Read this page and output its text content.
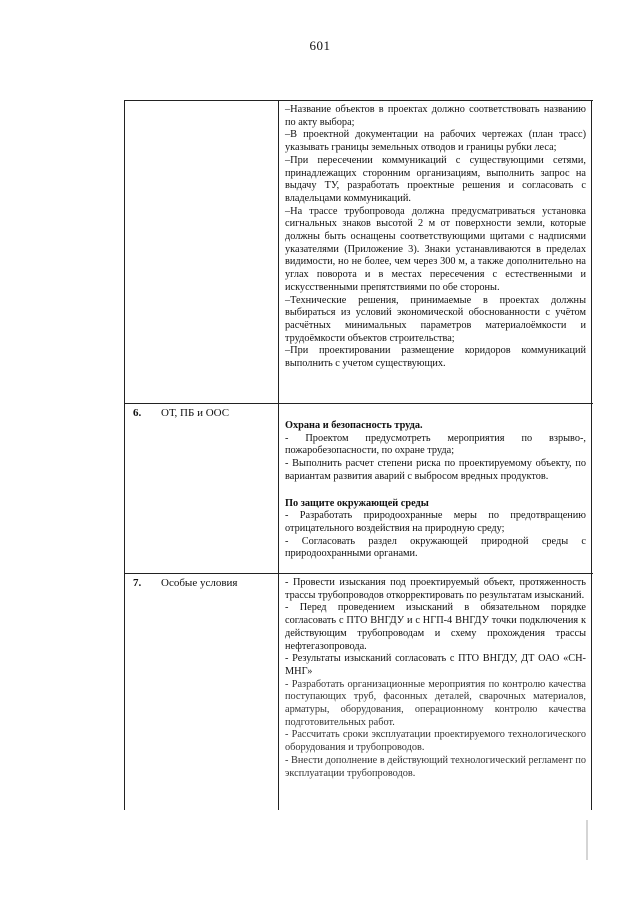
601

–Название объектов в проектах должно соответствовать названию по акту выбора;

–В проектной документации на рабочих чертежах (план трасс) указывать границы земельных отводов и границы рубки леса;

–При пересечении коммуникаций с существующими сетями, принадлежащих сторонним организациям, выполнить запрос на выдачу ТУ, разработать проектные решения и согласовать с владельцами коммуникаций.

–На трассе трубопровода должна предусматриваться установка сигнальных знаков высотой 2 м от поверхности земли, которые должны быть оснащены соответствующими щитами с надписями указателями (Приложение 3). Знаки устанавливаются в пределах видимости, но не более, чем через 300 м, а также дополнительно на углах поворота и в местах пересечения с естественными и искусственными препятствиями по обе стороны.

–Технические решения, принимаемые в проектах должны выбираться из условий экономической обоснованности с учётом расчётных минимальных параметров материалоёмкости и трудоёмкости объектов строительства;

–При проектировании размещение коридоров коммуникаций выполнить с учетом существующих.

6. ОТ, ПБ и ООС

Охрана и безопасность труда.

- Проектом предусмотреть мероприятия по взрыво-, пожаробезопасности, по охране труда;

- Выполнить расчет степени риска по проектируемому объекту, по вариантам развития аварий с выбросом вредных продуктов.

По защите окружающей среды

- Разработать природоохранные меры по предотвращению отрицательного воздействия на природную среду;

- Согласовать раздел окружающей природной среды с природоохранными органами.

7. Особые условия	- Провести изыскания под проектируемый объект, протяженность трассы трубопроводов откорректировать по результатам изысканий.

- Перед проведением изысканий в обязательном порядке согласовать с ПТО ВНГДУ и с НГП-4 ВНГДУ точки подключения к действующим трубопроводам и схему прохождения трассы нефтегазопровода.

- Результаты изысканий согласовать с ПТО ВНГДУ, ДТ ОАО «СН-МНГ»

- Разработать организационные мероприятия по контролю качества поступающих труб, фасонных деталей, сварочных материалов, арматуры, оборудования, операционному контролю качества подготовительных работ.

- Рассчитать сроки эксплуатации проектируемого технологического оборудования и трубопроводов.

- Внести дополнение в действующий технологический регламент по эксплуатации трубопроводов.
